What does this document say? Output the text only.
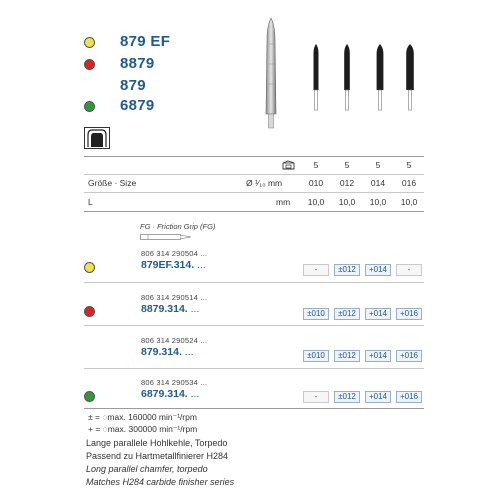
879 EF
8879
879
6879
5	5	5	5
Größe · Size	Ø ¹⁄₁₀ mm	010	012	014	016
L	mm	10,0	10,0	10,0	10,0
FG · Friction Grip (FG)
806 314 290504 ...
879EF.314. ...	-	±012	+014	-
806 314 290514 ...
8879.314. ...	±010	±012	+014	+016
806 314 290524 ...
879.314. ...	±010	±012	+014	+016
806 314 290534 ...
6879.314. ...	-	±012	+014	+016
± = ◌max. 160000 min⁻¹/rpm
+ = ◌max. 300000 min⁻¹/rpm
Lange parallele Hohlkehle, Torpedo
Passend zu Hartmetallfinierer H284
Long parallel chamfer, torpedo
Matches H284 carbide finisher series
